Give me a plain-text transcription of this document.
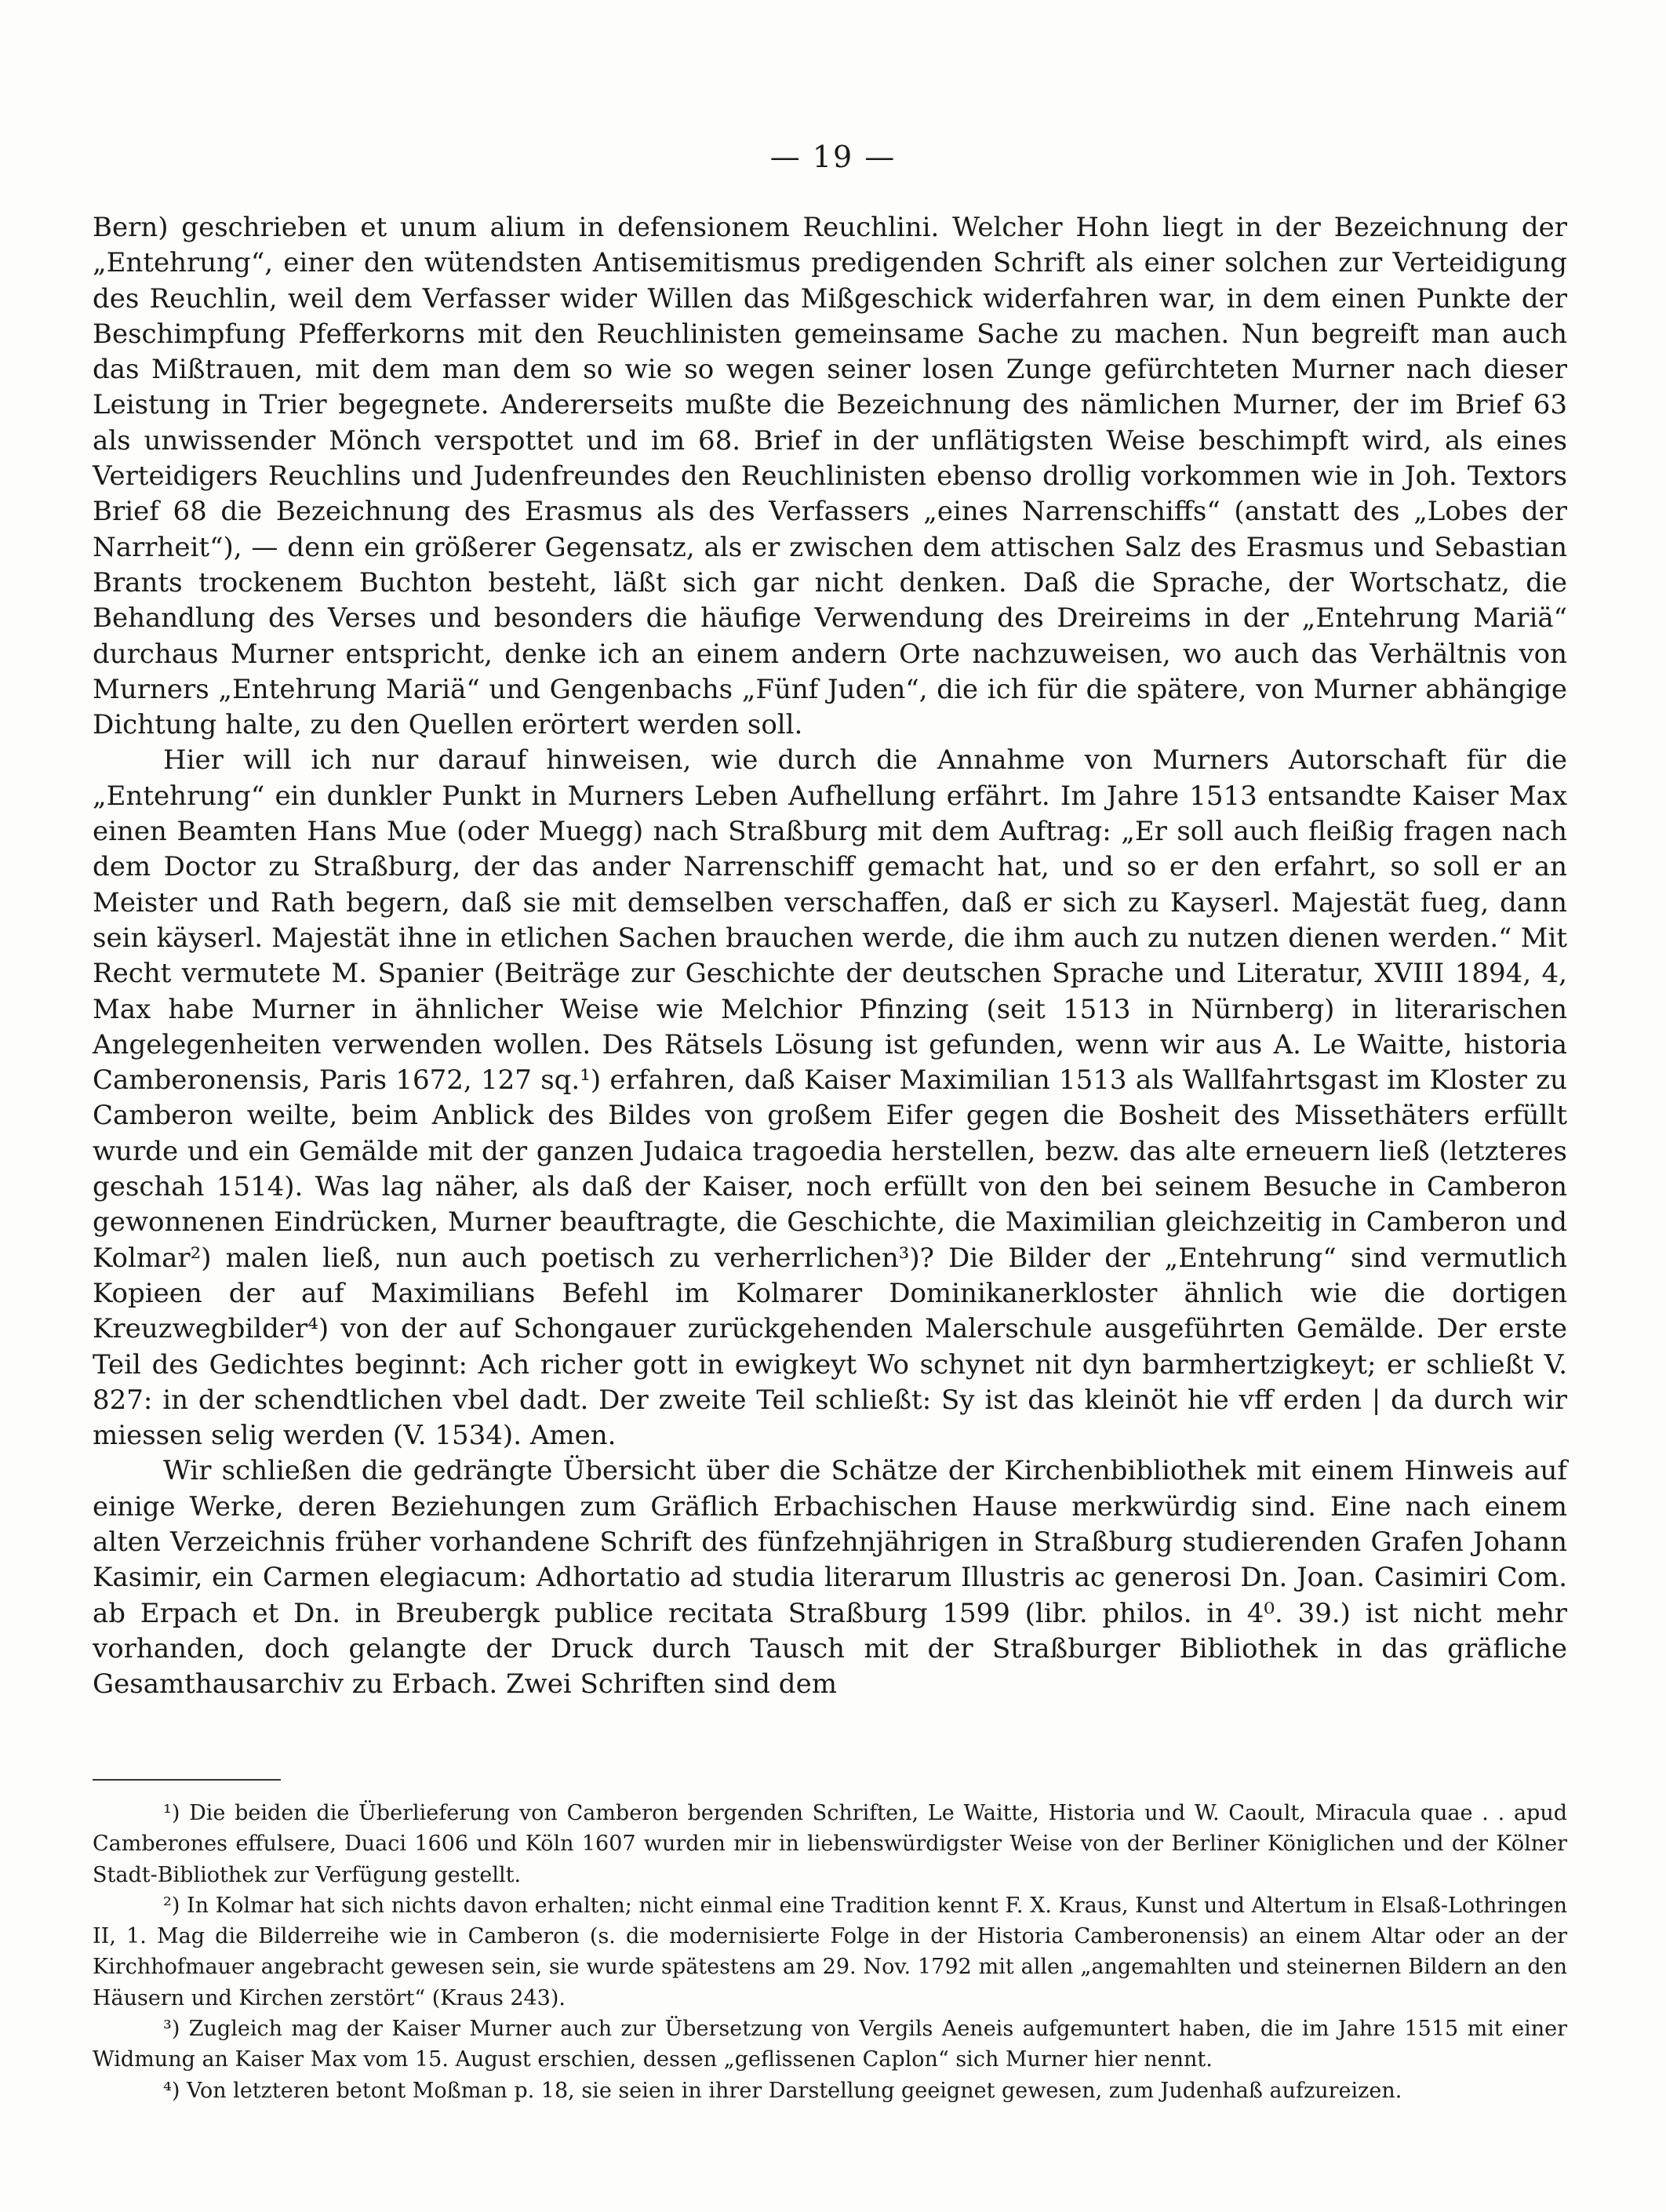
— 19 —

Bern) geschrieben et unum alium in defensionem Reuchlini. Welcher Hohn liegt in der Bezeichnung der „Entehrung“, einer den wütendsten Antisemitismus predigenden Schrift als einer solchen zur Verteidigung des Reuchlin, weil dem Verfasser wider Willen das Mißgeschick widerfahren war, in dem einen Punkte der Beschimpfung Pfefferkorns mit den Reuchlinisten gemeinsame Sache zu machen. Nun begreift man auch das Mißtrauen, mit dem man dem so wie so wegen seiner losen Zunge gefürchteten Murner nach dieser Leistung in Trier begegnete. Andererseits mußte die Bezeichnung des nämlichen Murner, der im Brief 63 als unwissender Mönch verspottet und im 68. Brief in der unflätigsten Weise beschimpft wird, als eines Verteidigers Reuchlins und Judenfreundes den Reuchlinisten ebenso drollig vorkommen wie in Joh. Textors Brief 68 die Bezeichnung des Erasmus als des Verfassers „eines Narrenschiffs“ (anstatt des „Lobes der Narrheit“), — denn ein größerer Gegensatz, als er zwischen dem attischen Salz des Erasmus und Sebastian Brants trockenem Buchton besteht, läßt sich gar nicht denken. Daß die Sprache, der Wortschatz, die Behandlung des Verses und besonders die häufige Verwendung des Dreireims in der „Entehrung Mariä“ durchaus Murner entspricht, denke ich an einem andern Orte nachzuweisen, wo auch das Verhältnis von Murners „Entehrung Mariä“ und Gengenbachs „Fünf Juden“, die ich für die spätere, von Murner abhängige Dichtung halte, zu den Quellen erörtert werden soll.

Hier will ich nur darauf hinweisen, wie durch die Annahme von Murners Autorschaft für die „Entehrung“ ein dunkler Punkt in Murners Leben Aufhellung erfährt. Im Jahre 1513 entsandte Kaiser Max einen Beamten Hans Mue (oder Muegg) nach Straßburg mit dem Auftrag: „Er soll auch fleißig fragen nach dem Doctor zu Straßburg, der das ander Narrenschiff gemacht hat, und so er den erfahrt, so soll er an Meister und Rath begern, daß sie mit demselben verschaffen, daß er sich zu Kayserl. Majestät fueg, dann sein käyserl. Majestät ihne in etlichen Sachen brauchen werde, die ihm auch zu nutzen dienen werden.“ Mit Recht vermutete M. Spanier (Beiträge zur Geschichte der deutschen Sprache und Literatur, XVIII 1894, 4, Max habe Murner in ähnlicher Weise wie Melchior Pfinzing (seit 1513 in Nürnberg) in literarischen Angelegenheiten verwenden wollen. Des Rätsels Lösung ist gefunden, wenn wir aus A. Le Waitte, historia Camberonensis, Paris 1672, 127 sq.¹) erfahren, daß Kaiser Maximilian 1513 als Wallfahrtsgast im Kloster zu Camberon weilte, beim Anblick des Bildes von großem Eifer gegen die Bosheit des Missethäters erfüllt wurde und ein Gemälde mit der ganzen Judaica tragoedia herstellen, bezw. das alte erneuern ließ (letzteres geschah 1514). Was lag näher, als daß der Kaiser, noch erfüllt von den bei seinem Besuche in Camberon gewonnenen Eindrücken, Murner beauftragte, die Geschichte, die Maximilian gleichzeitig in Camberon und Kolmar²) malen ließ, nun auch poetisch zu verherrlichen³)? Die Bilder der „Entehrung“ sind vermutlich Kopieen der auf Maximilians Befehl im Kolmarer Dominikanerkloster ähnlich wie die dortigen Kreuzwegbilder⁴) von der auf Schongauer zurückgehenden Malerschule ausgeführten Gemälde. Der erste Teil des Gedichtes beginnt: Ach richer gott in ewigkeyt Wo schynet nit dyn barmhertzigkeyt; er schließt V. 827: in der schendtlichen vbel dadt. Der zweite Teil schließt: Sy ist das kleinöt hie vff erden | da durch wir miessen selig werden (V. 1534). Amen.

Wir schließen die gedrängte Übersicht über die Schätze der Kirchenbibliothek mit einem Hinweis auf einige Werke, deren Beziehungen zum Gräflich Erbachischen Hause merkwürdig sind. Eine nach einem alten Verzeichnis früher vorhandene Schrift des fünfzehnjährigen in Straßburg studierenden Grafen Johann Kasimir, ein Carmen elegiacum: Adhortatio ad studia literarum Illustris ac generosi Dn. Joan. Casimiri Com. ab Erpach et Dn. in Breubergk publice recitata Straßburg 1599 (libr. philos. in 4⁰. 39.) ist nicht mehr vorhanden, doch gelangte der Druck durch Tausch mit der Straßburger Bibliothek in das gräfliche Gesamthausarchiv zu Erbach. Zwei Schriften sind dem

¹) Die beiden die Überlieferung von Camberon bergenden Schriften, Le Waitte, Historia und W. Caoult, Miracula quae . . apud Camberones effulsere, Duaci 1606 und Köln 1607 wurden mir in liebenswürdigster Weise von der Berliner Königlichen und der Kölner Stadt-Bibliothek zur Verfügung gestellt.

²) In Kolmar hat sich nichts davon erhalten; nicht einmal eine Tradition kennt F. X. Kraus, Kunst und Altertum in Elsaß-Lothringen II, 1. Mag die Bilderreihe wie in Camberon (s. die modernisierte Folge in der Historia Camberonensis) an einem Altar oder an der Kirchhofmauer angebracht gewesen sein, sie wurde spätestens am 29. Nov. 1792 mit allen „angemahlten und steinernen Bildern an den Häusern und Kirchen zerstört“ (Kraus 243).

³) Zugleich mag der Kaiser Murner auch zur Übersetzung von Vergils Aeneis aufgemuntert haben, die im Jahre 1515 mit einer Widmung an Kaiser Max vom 15. August erschien, dessen „geflissenen Caplon“ sich Murner hier nennt.

⁴) Von letzteren betont Moßman p. 18, sie seien in ihrer Darstellung geeignet gewesen, zum Judenhaß aufzureizen.
